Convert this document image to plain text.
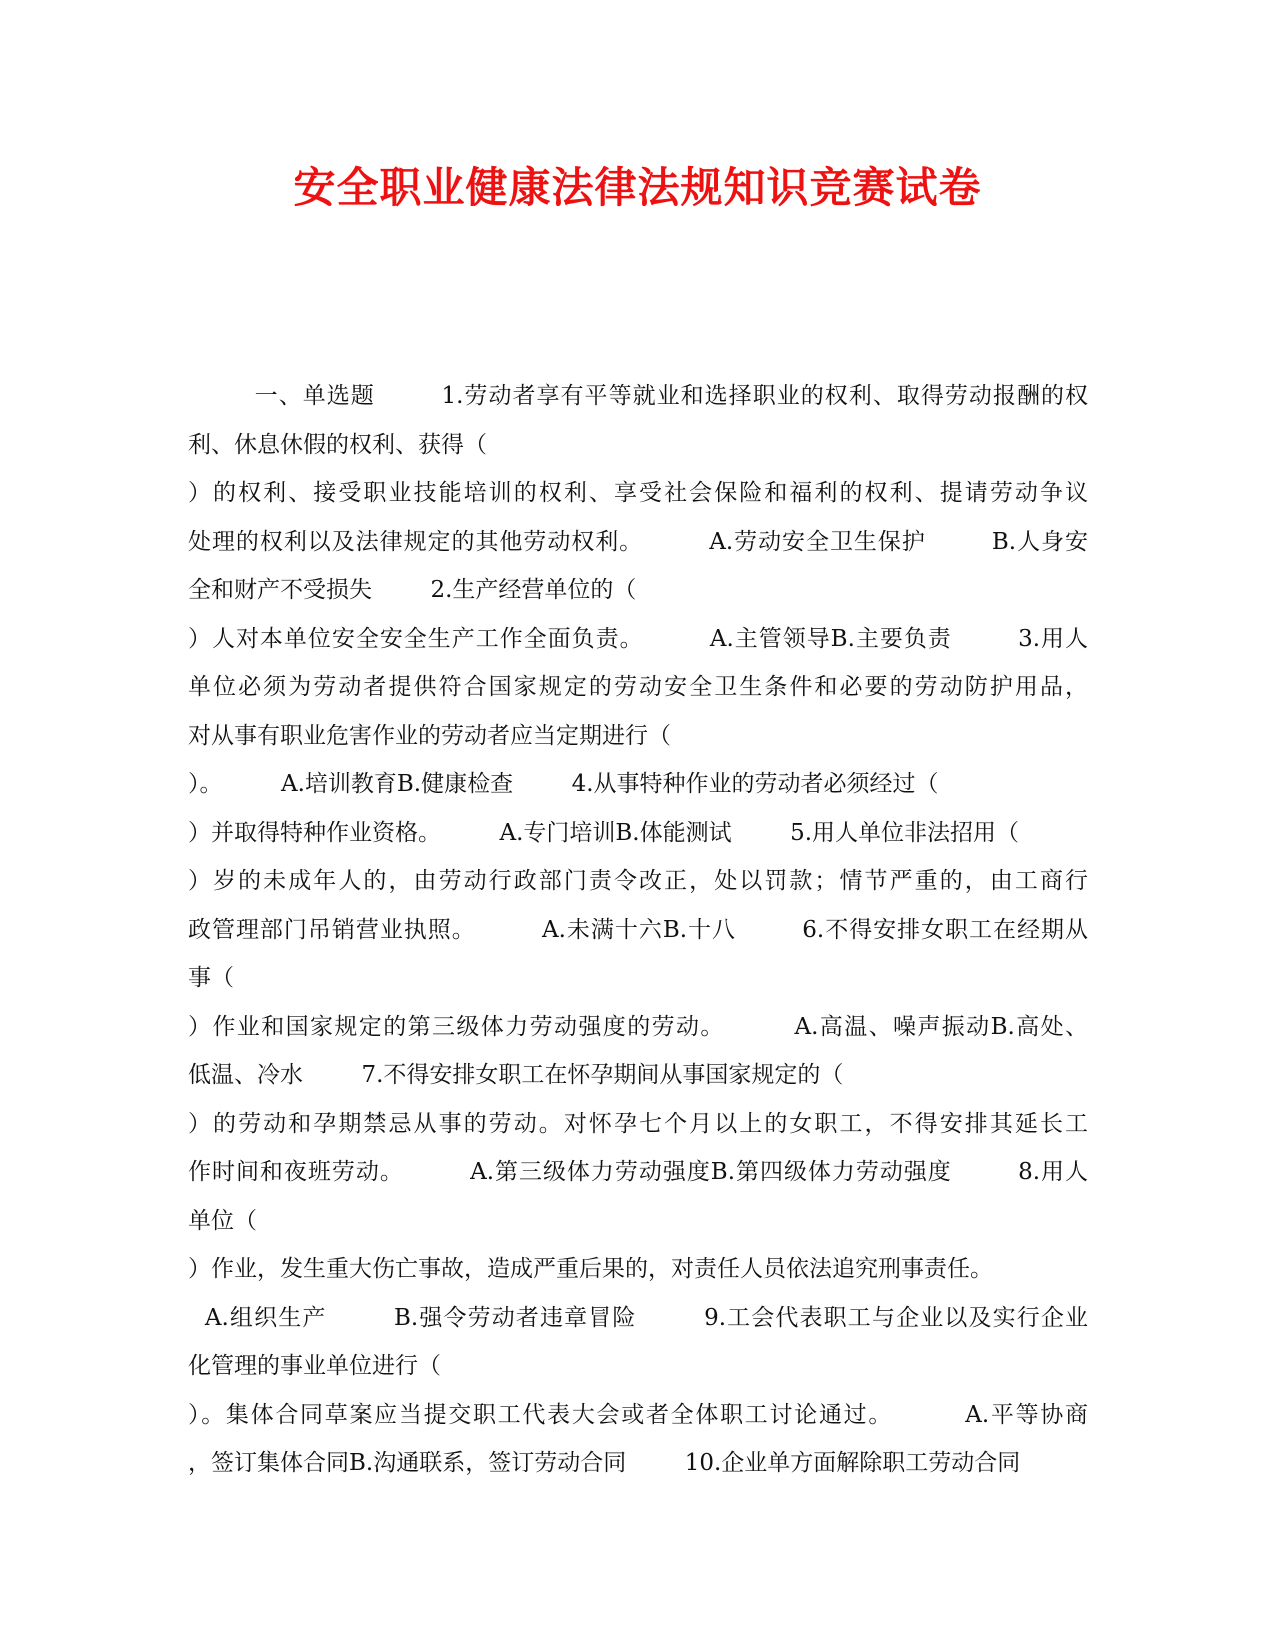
安全职业健康法律法规知识竞赛试卷
一、单选题        1.劳动者享有平等就业和选择职业的权利、取得劳动报酬的权
利、休息休假的权利、获得（
）的权利、接受职业技能培训的权利、享受社会保险和福利的权利、提请劳动争议
处理的权利以及法律规定的其他劳动权利。        A.劳动安全卫生保护        B.人身安
全和财产不受损失        2.生产经营单位的（
）人对本单位安全安全生产工作全面负责。        A.主管领导B.主要负责        3.用人
单位必须为劳动者提供符合国家规定的劳动安全卫生条件和必要的劳动防护用品，
对从事有职业危害作业的劳动者应当定期进行（
）。        A.培训教育B.健康检查        4.从事特种作业的劳动者必须经过（
）并取得特种作业资格。        A.专门培训B.体能测试        5.用人单位非法招用（
）岁的未成年人的，由劳动行政部门责令改正，处以罚款；情节严重的，由工商行
政管理部门吊销营业执照。        A.未满十六B.十八        6.不得安排女职工在经期从
事（
）作业和国家规定的第三级体力劳动强度的劳动。        A.高温、噪声振动B.高处、
低温、冷水        7.不得安排女职工在怀孕期间从事国家规定的（
）的劳动和孕期禁忌从事的劳动。对怀孕七个月以上的女职工，不得安排其延长工
作时间和夜班劳动。        A.第三级体力劳动强度B.第四级体力劳动强度        8.用人
单位（
）作业，发生重大伤亡事故，造成严重后果的，对责任人员依法追究刑事责任。
A.组织生产        B.强令劳动者违章冒险        9.工会代表职工与企业以及实行企业
化管理的事业单位进行（
）。集体合同草案应当提交职工代表大会或者全体职工讨论通过。        A.平等协商
，签订集体合同B.沟通联系，签订劳动合同        10.企业单方面解除职工劳动合同
